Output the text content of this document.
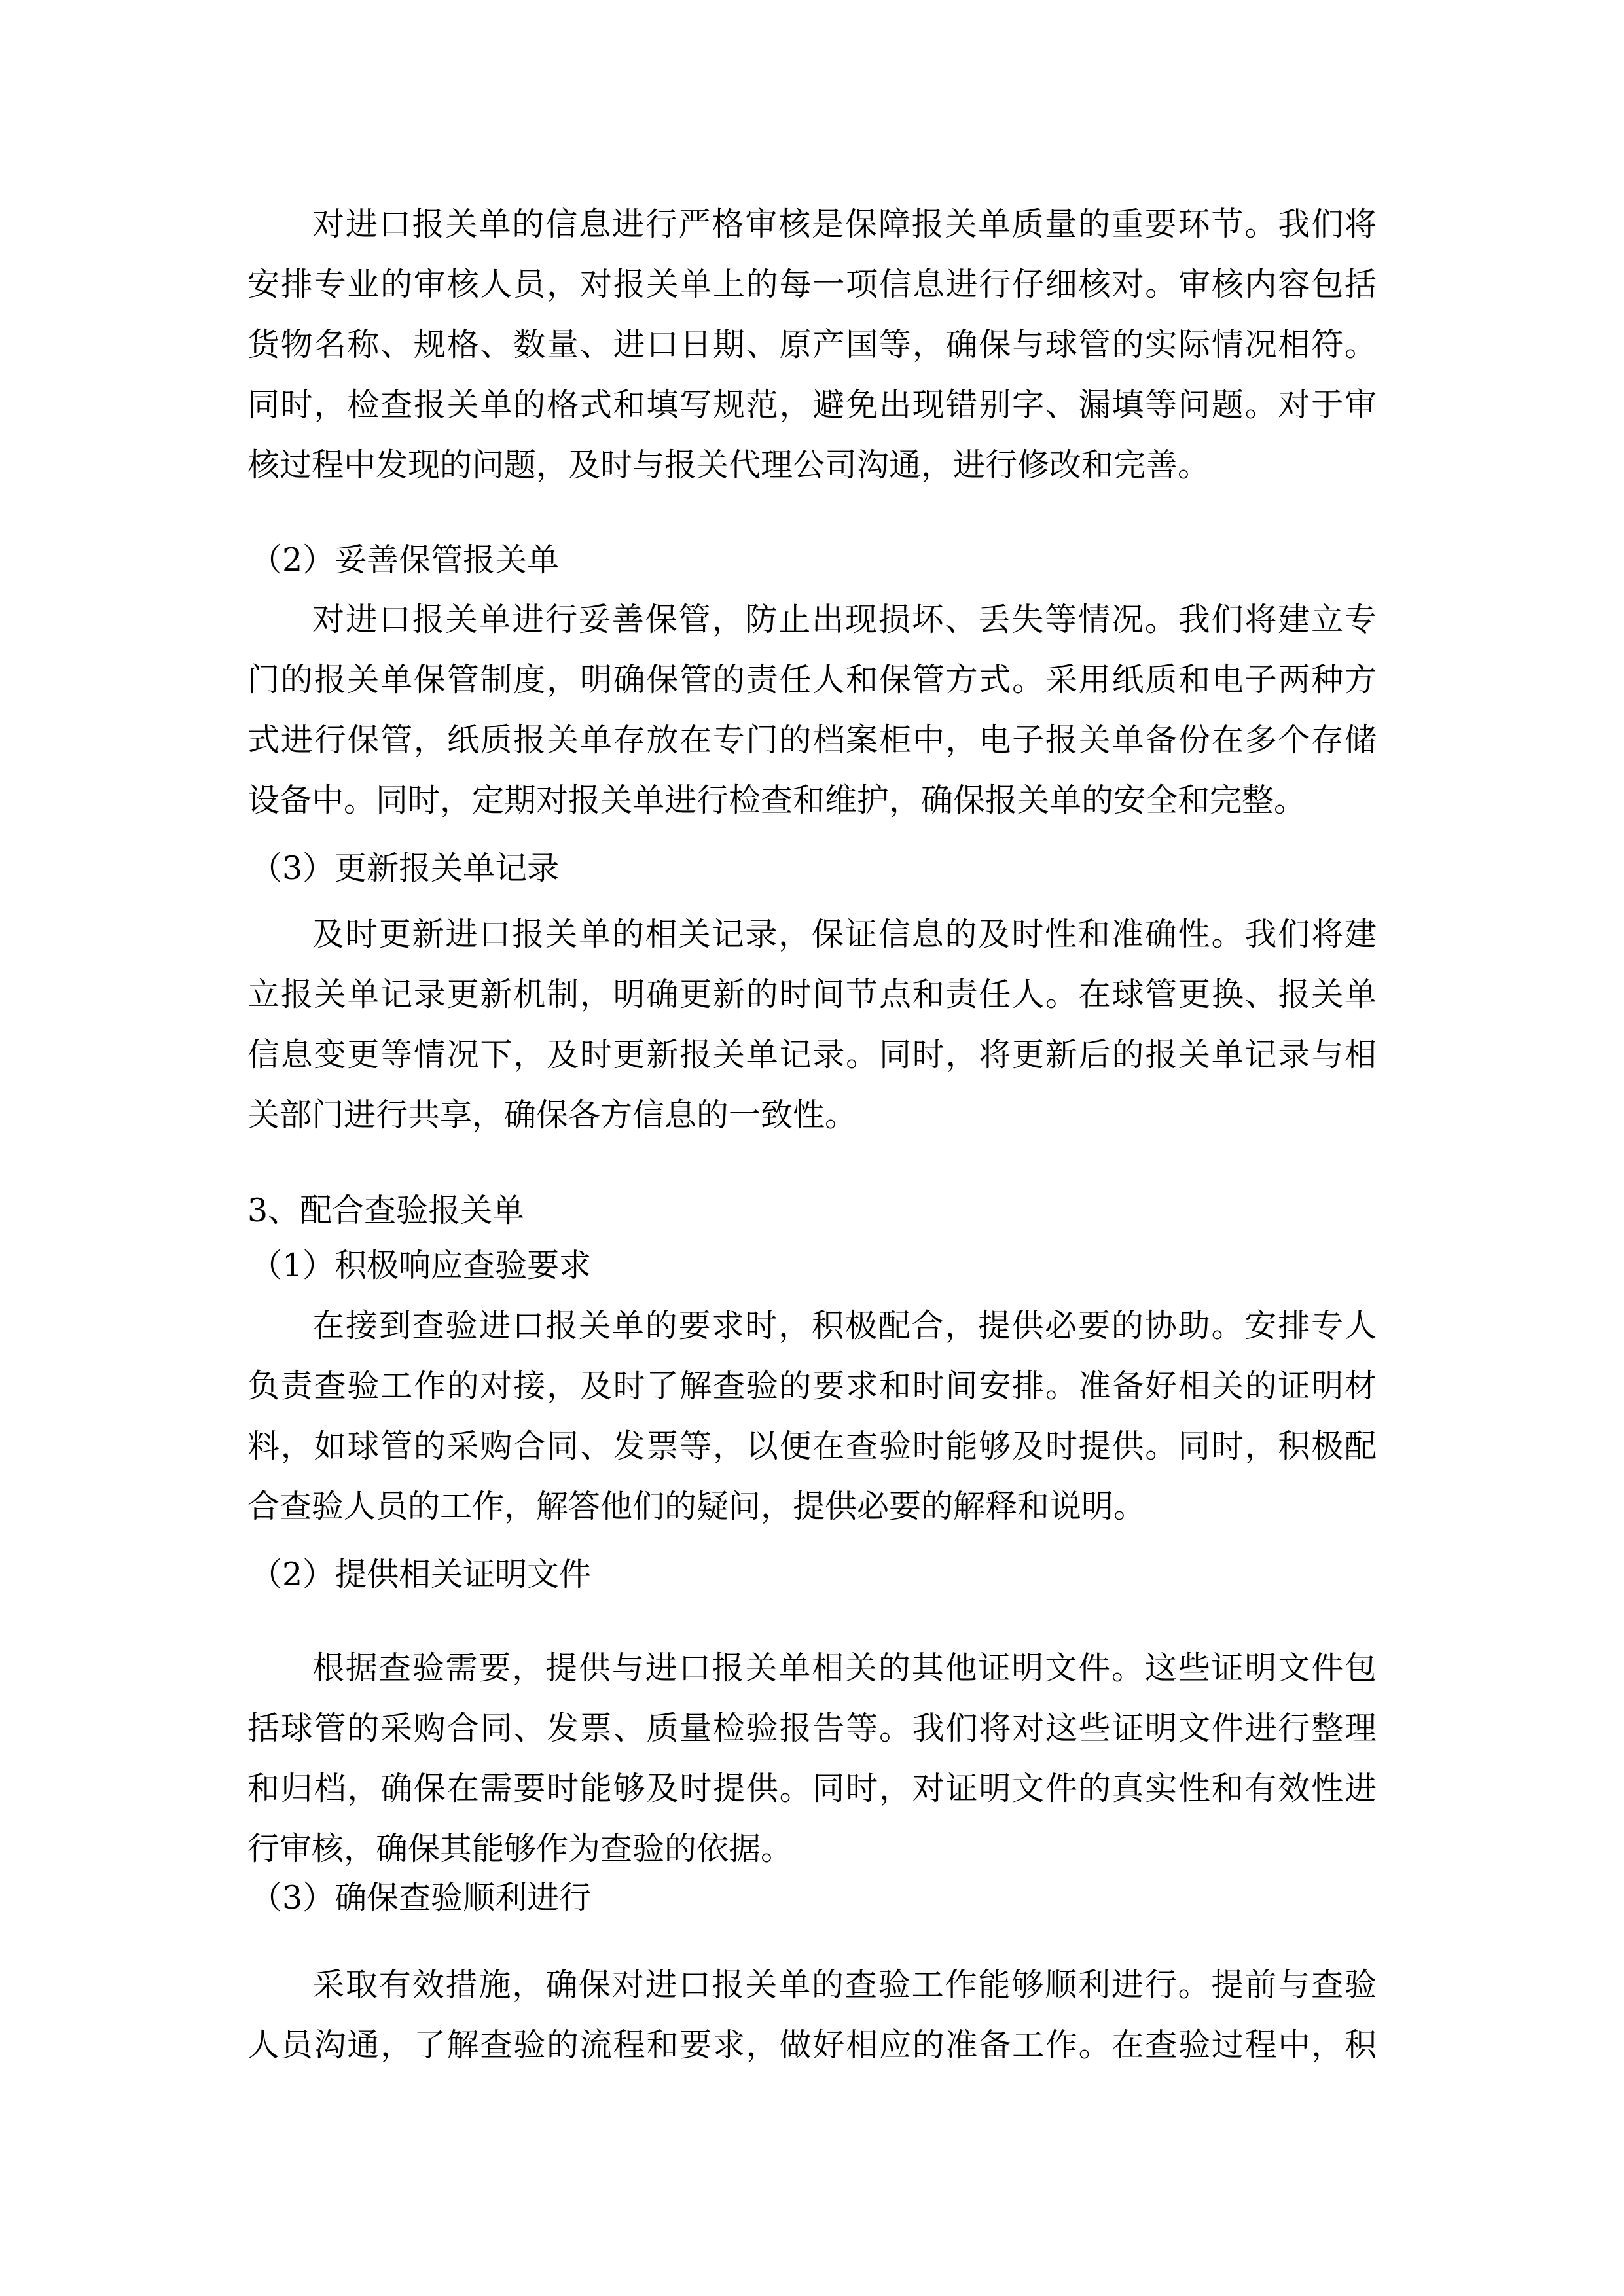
对进口报关单的信息进行严格审核是保障报关单质量的重要环节。我们将
安排专业的审核人员，对报关单上的每一项信息进行仔细核对。审核内容包括
货物名称、规格、数量、进口日期、原产国等，确保与球管的实际情况相符。
同时，检查报关单的格式和填写规范，避免出现错别字、漏填等问题。对于审
核过程中发现的问题，及时与报关代理公司沟通，进行修改和完善。
（2）妥善保管报关单
对进口报关单进行妥善保管，防止出现损坏、丢失等情况。我们将建立专
门的报关单保管制度，明确保管的责任人和保管方式。采用纸质和电子两种方
式进行保管，纸质报关单存放在专门的档案柜中，电子报关单备份在多个存储
设备中。同时，定期对报关单进行检查和维护，确保报关单的安全和完整。
（3）更新报关单记录
及时更新进口报关单的相关记录，保证信息的及时性和准确性。我们将建
立报关单记录更新机制，明确更新的时间节点和责任人。在球管更换、报关单
信息变更等情况下，及时更新报关单记录。同时，将更新后的报关单记录与相
关部门进行共享，确保各方信息的一致性。
3、配合查验报关单
（1）积极响应查验要求
在接到查验进口报关单的要求时，积极配合，提供必要的协助。安排专人
负责查验工作的对接，及时了解查验的要求和时间安排。准备好相关的证明材
料，如球管的采购合同、发票等，以便在查验时能够及时提供。同时，积极配
合查验人员的工作，解答他们的疑问，提供必要的解释和说明。
（2）提供相关证明文件
根据查验需要，提供与进口报关单相关的其他证明文件。这些证明文件包
括球管的采购合同、发票、质量检验报告等。我们将对这些证明文件进行整理
和归档，确保在需要时能够及时提供。同时，对证明文件的真实性和有效性进
行审核，确保其能够作为查验的依据。
（3）确保查验顺利进行
采取有效措施，确保对进口报关单的查验工作能够顺利进行。提前与查验
人员沟通，了解查验的流程和要求，做好相应的准备工作。在查验过程中，积
